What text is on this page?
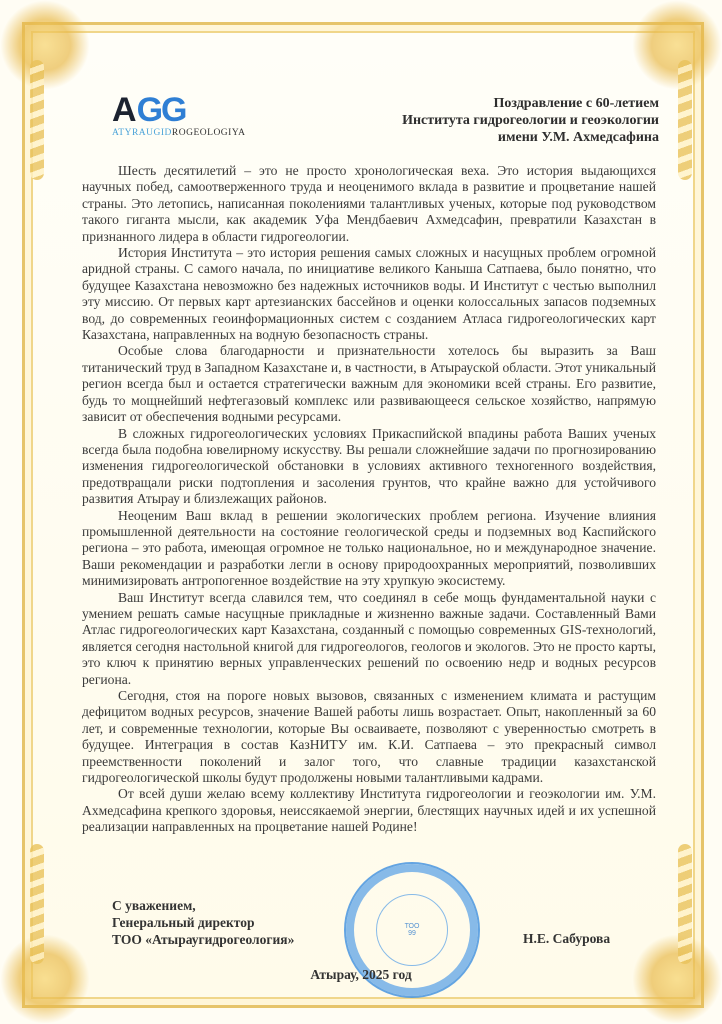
A GG
ATYRAUGIDROGEOLOGIYA
Поздравление с 60-летием
Института гидрогеологии и геоэкологии
имени У.М. Ахмедсафина

Шесть десятилетий – это не просто хронологическая веха. Это история выдающихся научных побед, самоотверженного труда и неоценимого вклада в развитие и процветание нашей страны. Это летопись, написанная поколениями талантливых ученых, которые под руководством такого гиганта мысли, как академик Уфа Мендбаевич Ахмедсафин, превратили Казахстан в признанного лидера в области гидрогеологии.

История Института – это история решения самых сложных и насущных проблем огромной аридной страны. С самого начала, по инициативе великого Каныша Сатпаева, было понятно, что будущее Казахстана невозможно без надежных источников воды. И Институт с честью выполнил эту миссию. От первых карт артезианских бассейнов и оценки колоссальных запасов подземных вод, до современных геоинформационных систем с созданием Атласа гидрогеологических карт Казахстана, направленных на водную безопасность страны.

Особые слова благодарности и признательности хотелось бы выразить за Ваш титанический труд в Западном Казахстане и, в частности, в Атырауской области. Этот уникальный регион всегда был и остается стратегически важным для экономики всей страны. Его развитие, будь то мощнейший нефтегазовый комплекс или развивающееся сельское хозяйство, напрямую зависит от обеспечения водными ресурсами.

В сложных гидрогеологических условиях Прикаспийской впадины работа Ваших ученых всегда была подобна ювелирному искусству. Вы решали сложнейшие задачи по прогнозированию изменения гидрогеологической обстановки в условиях активного техногенного воздействия, предотвращали риски подтопления и засоления грунтов, что крайне важно для устойчивого развития Атырау и близлежащих районов.

Неоценим Ваш вклад в решении экологических проблем региона. Изучение влияния промышленной деятельности на состояние геологической среды и подземных вод Каспийского региона – это работа, имеющая огромное не только национальное, но и международное значение. Ваши рекомендации и разработки легли в основу природоохранных мероприятий, позволивших минимизировать антропогенное воздействие на эту хрупкую экосистему.

Ваш Институт всегда славился тем, что соединял в себе мощь фундаментальной науки с умением решать самые насущные прикладные и жизненно важные задачи. Составленный Вами Атлас гидрогеологических карт Казахстана, созданный с помощью современных GIS-технологий, является сегодня настольной книгой для гидрогеологов, геологов и экологов. Это не просто карты, это ключ к принятию верных управленческих решений по освоению недр и водных ресурсов региона.

Сегодня, стоя на пороге новых вызовов, связанных с изменением климата и растущим дефицитом водных ресурсов, значение Вашей работы лишь возрастает. Опыт, накопленный за 60 лет, и современные технологии, которые Вы осваиваете, позволяют с уверенностью смотреть в будущее. Интеграция в состав КазНИТУ им. К.И. Сатпаева – это прекрасный символ преемственности поколений и залог того, что славные традиции казахстанской гидрогеологической школы будут продолжены новыми талантливыми кадрами.

От всей души желаю всему коллективу Института гидрогеологии и геоэкологии им. У.М. Ахмедсафина крепкого здоровья, неиссякаемой энергии, блестящих научных идей и их успешной реализации направленных на процветание нашей Родине!

ТОО
99
С уважением,
Генеральный директор
ТОО «Атыраугидрогеология»	Н.Е. Сабурова
Атырау, 2025 год
